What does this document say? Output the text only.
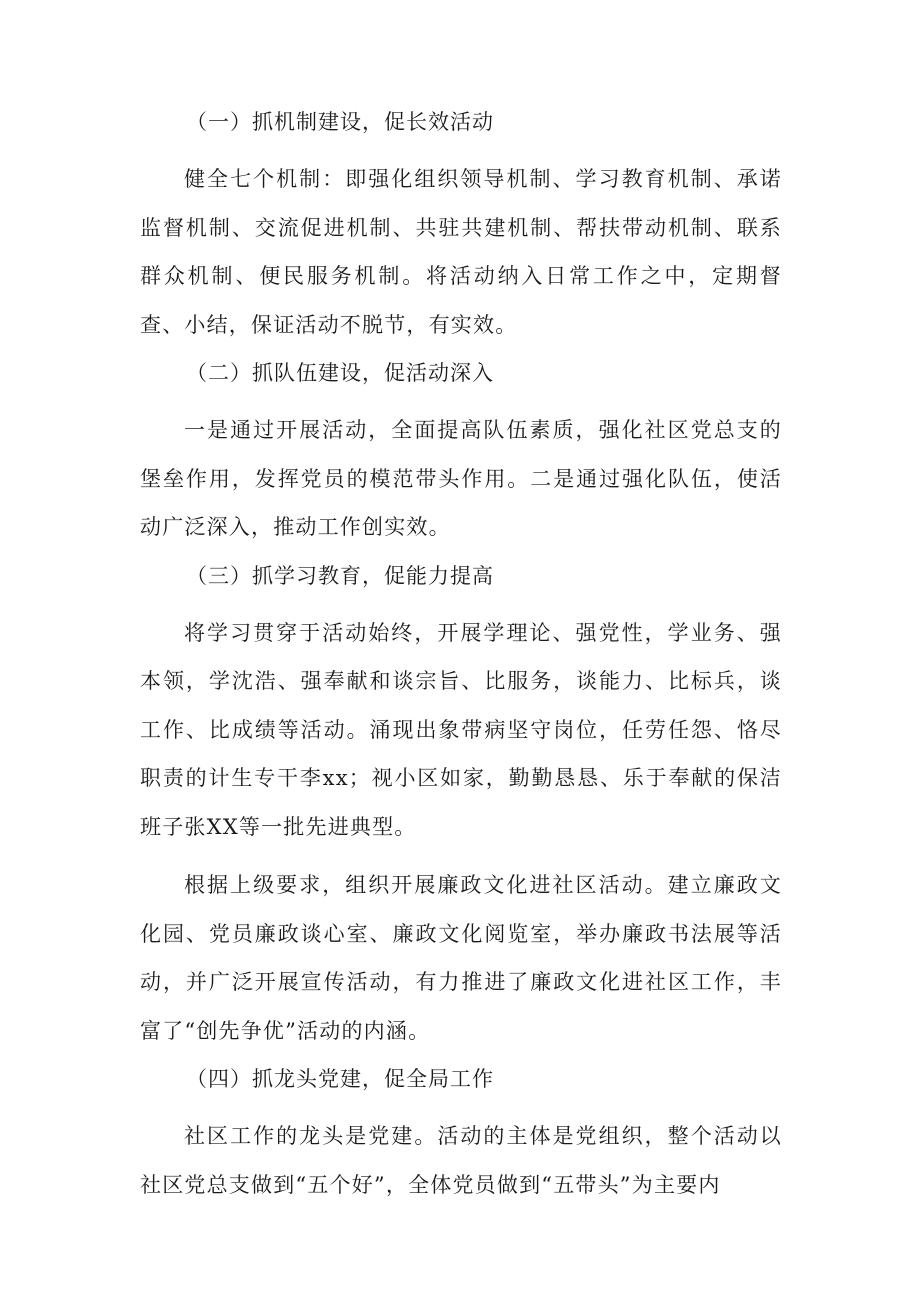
（一）抓机制建设，促长效活动

健全七个机制：即强化组织领导机制、学习教育机制、承诺监督机制、交流促进机制、共驻共建机制、帮扶带动机制、联系群众机制、便民服务机制。将活动纳入日常工作之中，定期督查、小结，保证活动不脱节，有实效。

（二）抓队伍建设，促活动深入

一是通过开展活动，全面提高队伍素质，强化社区党总支的堡垒作用，发挥党员的模范带头作用。二是通过强化队伍，使活动广泛深入，推动工作创实效。

（三）抓学习教育，促能力提高

将学习贯穿于活动始终，开展学理论、强党性，学业务、强本领，学沈浩、强奉献和谈宗旨、比服务，谈能力、比标兵，谈工作、比成绩等活动。涌现出象带病坚守岗位，任劳任怨、恪尽职责的计生专干李xx；视小区如家，勤勤恳恳、乐于奉献的保洁班子张XX等一批先进典型。

根据上级要求，组织开展廉政文化进社区活动。建立廉政文化园、党员廉政谈心室、廉政文化阅览室，举办廉政书法展等活动，并广泛开展宣传活动，有力推进了廉政文化进社区工作，丰富了“创先争优”活动的内涵。

（四）抓龙头党建，促全局工作

社区工作的龙头是党建。活动的主体是党组织，整个活动以社区党总支做到“五个好”，全体党员做到“五带头”为主要内
